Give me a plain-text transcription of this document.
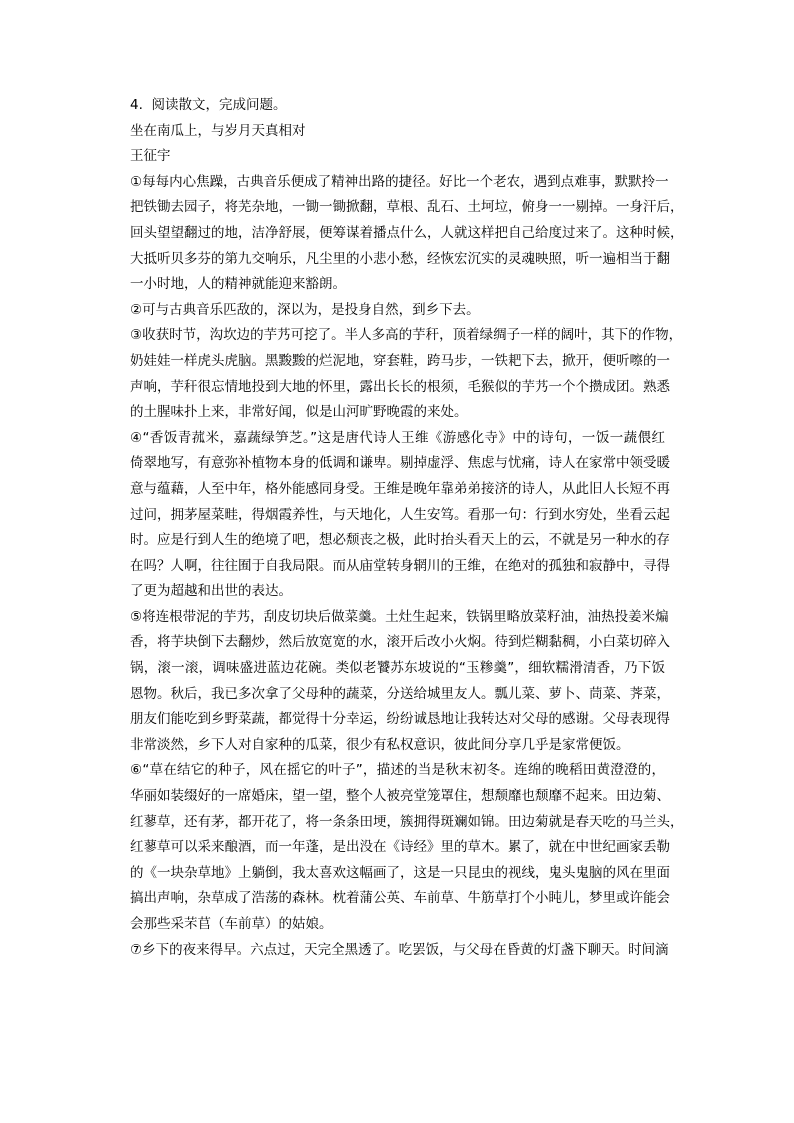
4. 阅读散文，完成问题。
坐在南瓜上，与岁月天真相对
王征宇
①每每内心焦躁，古典音乐便成了精神出路的捷径。好比一个老农，遇到点难事，默默拎一
把铁锄去园子，将芜杂地，一锄一锄掀翻，草根、乱石、土坷垃，俯身一一剔掉。一身汗后，
回头望望翻过的地，洁净舒展，便筹谋着播点什么，人就这样把自己给度过来了。这种时候，
大抵听贝多芬的第九交响乐，凡尘里的小悲小愁，经恢宏沉实的灵魂映照，听一遍相当于翻
一小时地，人的精神就能迎来豁朗。
②可与古典音乐匹敌的，深以为，是投身自然，到乡下去。
③收获时节，沟坎边的芋艿可挖了。半人多高的芋秆，顶着绿绸子一样的阔叶，其下的作物，
奶娃娃一样虎头虎脑。黑黢黢的烂泥地，穿套鞋，跨马步，一铁耙下去，掀开，便听嚓的一
声响，芋秆很忘情地投到大地的怀里，露出长长的根须，毛猴似的芋艿一个个攒成团。熟悉
的土腥味扑上来，非常好闻，似是山河旷野晚霞的来处。
④“香饭青菰米，嘉蔬绿笋芝。”这是唐代诗人王维《游感化寺》中的诗句，一饭一蔬偎红
倚翠地写，有意弥补植物本身的低调和谦卑。剔掉虚浮、焦虑与忧痛，诗人在家常中领受暖
意与蕴藉，人至中年，格外能感同身受。王维是晚年靠弟弟接济的诗人，从此旧人长短不再
过问，拥茅屋菜畦，得烟霞养性，与天地化，人生安笃。看那一句：行到水穷处，坐看云起
时。应是行到人生的绝境了吧，想必颓丧之极，此时抬头看天上的云，不就是另一种水的存
在吗？人啊，往往囿于自我局限。而从庙堂转身辋川的王维，在绝对的孤独和寂静中，寻得
了更为超越和出世的表达。
⑤将连根带泥的芋艿，刮皮切块后做菜羹。土灶生起来，铁锅里略放菜籽油，油热投姜米煸
香，将芋块倒下去翻炒，然后放宽宽的水，滚开后改小火焖。待到烂糊黏稠，小白菜切碎入
锅，滚一滚，调味盛进蓝边花碗。类似老饕苏东坡说的“玉糁羹”，细软糯滑清香，乃下饭
恩物。秋后，我已多次拿了父母种的蔬菜，分送给城里友人。瓢儿菜、萝卜、茼菜、荠菜，
朋友们能吃到乡野菜蔬，都觉得十分幸运，纷纷诚恳地让我转达对父母的感谢。父母表现得
非常淡然，乡下人对自家种的瓜菜，很少有私权意识，彼此间分享几乎是家常便饭。
⑥“草在结它的种子，风在摇它的叶子”，描述的当是秋末初冬。连绵的晚稻田黄澄澄的，
华丽如装缀好的一席婚床，望一望，整个人被亮堂笼罩住，想颓靡也颓靡不起来。田边菊、
红蓼草，还有茅，都开花了，将一条条田埂，簇拥得斑斓如锦。田边菊就是春天吃的马兰头，
红蓼草可以采来酿酒，而一年蓬，是出没在《诗经》里的草木。累了，就在中世纪画家丢勒
的《一块杂草地》上躺倒，我太喜欢这幅画了，这是一只昆虫的视线，鬼头鬼脑的风在里面
搞出声响，杂草成了浩荡的森林。枕着蒲公英、车前草、牛筋草打个小盹儿，梦里或许能会
会那些采芣苢（车前草）的姑娘。
⑦乡下的夜来得早。六点过，天完全黑透了。吃罢饭，与父母在昏黄的灯盏下聊天。时间滴
